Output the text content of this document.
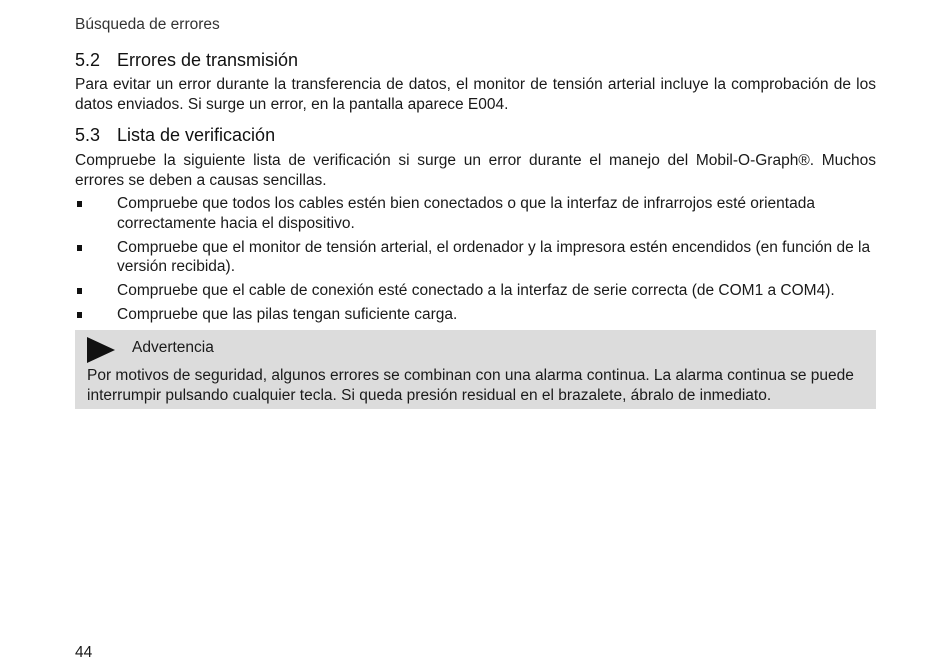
Búsqueda de errores
5.2 Errores de transmisión

Para evitar un error durante la transferencia de datos, el monitor de tensión arterial incluye la comprobación de los datos enviados. Si surge un error, en la pantalla aparece E004.

5.3 Lista de verificación

Compruebe la siguiente lista de verificación si surge un error durante el manejo del Mobil-O-Graph®. Muchos errores se deben a causas sencillas.

Compruebe que todos los cables estén bien conectados o que la interfaz de infrarrojos esté orientada correctamente hacia el dispositivo.
Compruebe que el monitor de tensión arterial, el ordenador y la impresora estén encendidos (en función de la versión recibida).
Compruebe que el cable de conexión esté conectado a la interfaz de serie correcta (de COM1 a COM4).
Compruebe que las pilas tengan suficiente carga.
Advertencia

Por motivos de seguridad, algunos errores se combinan con una alarma continua. La alarma continua se puede interrumpir pulsando cualquier tecla. Si queda presión residual en el brazalete, ábralo de inmediato.

44
